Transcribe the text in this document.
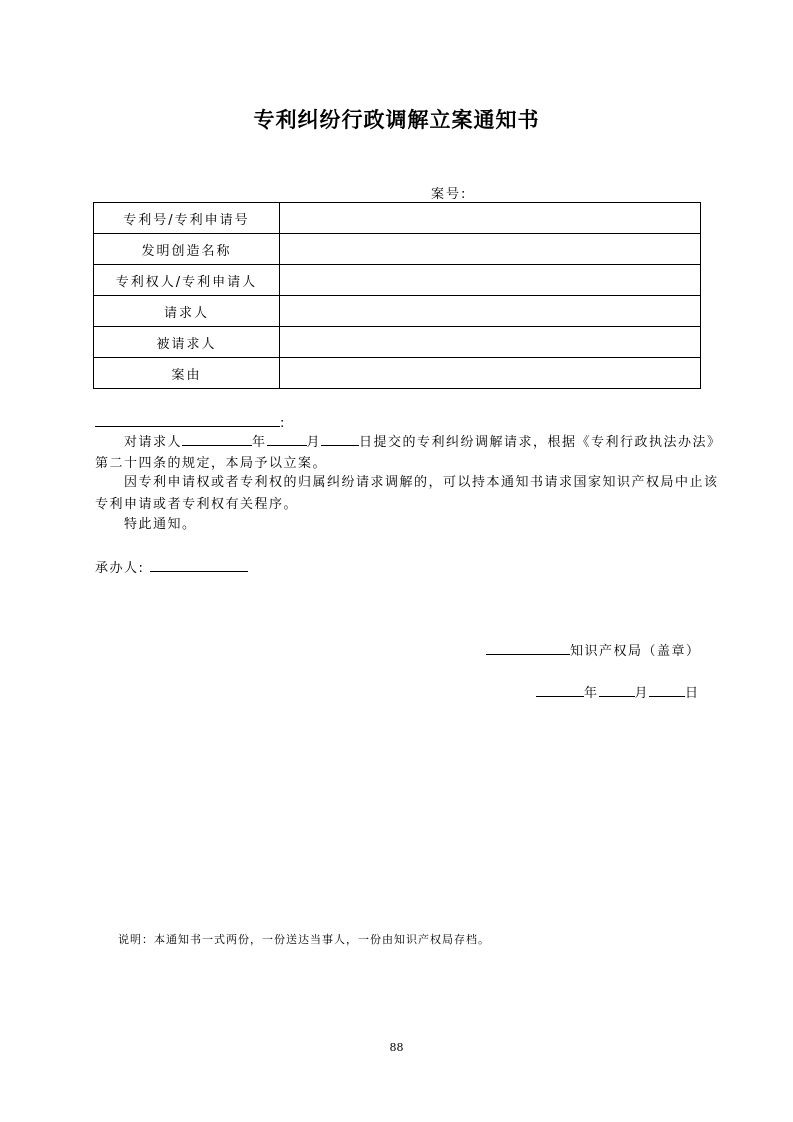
专利纠纷行政调解立案通知书
案号:
专利号/专利申请号	
发明创造名称	
专利权人/专利申请人	
请求人	
被请求人	
案由	
:
对请求人	年	月	日提交的专利纠纷调解请求，根据《专利行政执法办法》
第二十四条的规定，本局予以立案。
因专利申请权或者专利权的归属纠纷请求调解的，可以持本通知书请求国家知识产权局中止该
专利申请或者专利权有关程序。
特此通知。
承办人:
知识产权局（盖章）
年	月	日
说明：本通知书一式两份，一份送达当事人，一份由知识产权局存档。
88
